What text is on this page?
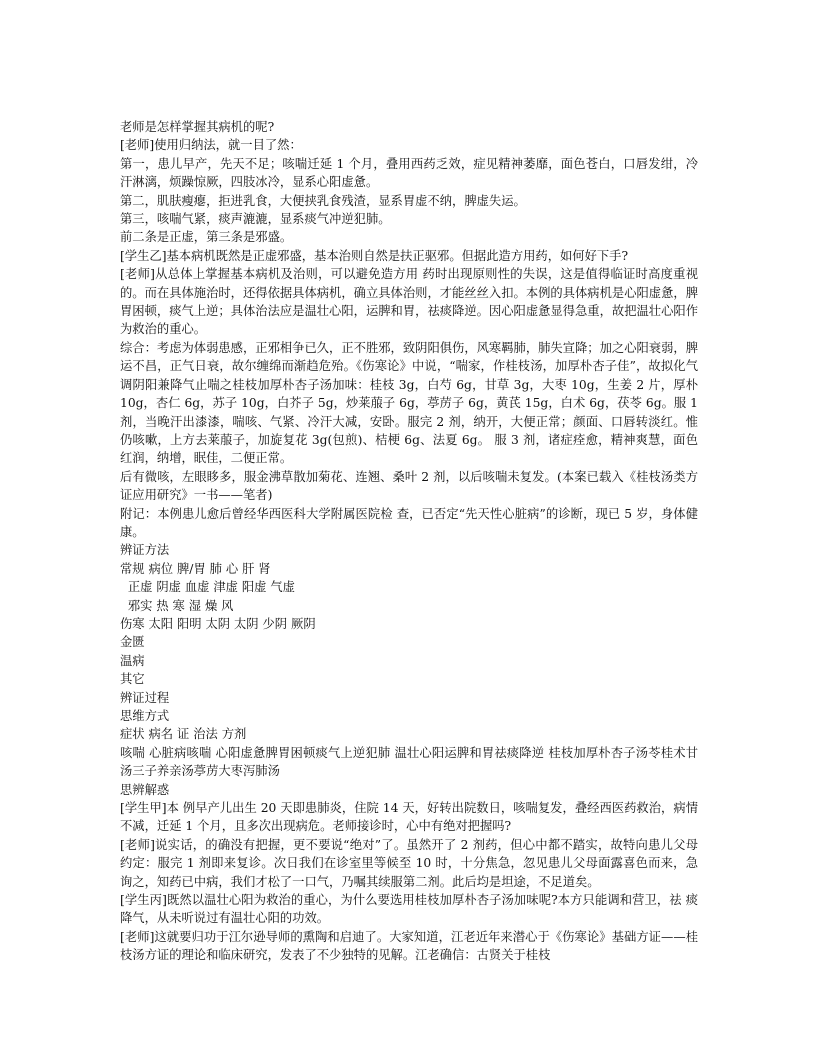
老师是怎样掌握其病机的呢?

[老师]使用归纳法，就一目了然：

第一，患儿早产，先天不足；咳喘迁延 1 个月，叠用西药乏效，症见精神萎靡，面色苍白，口唇发绀，冷汗淋漓，烦躁惊厥，四肢冰冷，显系心阳虚惫。

第二，肌肤瘦瘪，拒进乳食，大便挟乳食残渣，显系胃虚不纳，脾虚失运。

第三，咳喘气紧，痰声漉漉，显系痰气冲逆犯肺。

前二条是正虚，第三条是邪盛。

[学生乙]基本病机既然是正虚邪盛，基本治则自然是扶正驱邪。但据此造方用药，如何好下手?

[老师]从总体上掌握基本病机及治则，可以避免造方用 药时出现原则性的失误，这是值得临证时高度重视的。而在具体施治时，还得依据具体病机，确立具体治则，才能丝丝入扣。本例的具体病机是心阳虚惫，脾胃困顿，痰气上逆；具体治法应是温壮心阳，运脾和胃，祛痰降逆。因心阳虚惫显得急重，故把温壮心阳作为救治的重心。

综合：考虑为体弱患感，正邪相争已久，正不胜邪，致阴阳俱伤，风寒羁肺，肺失宣降；加之心阳衰弱，脾运不昌，正气日衰，故尔缠绵而渐趋危殆。《伤寒论》中说，“喘家，作桂枝汤，加厚朴杏子佳”，故拟化气调阴阳兼降气止喘之桂枝加厚朴杏子汤加味：桂枝 3g，白芍 6g，甘草 3g，大枣 10g，生姜 2 片，厚朴 10g，杏仁 6g，苏子 10g，白芥子 5g，炒莱菔子 6g，葶苈子 6g，黄芪 15g，白术 6g，茯苓 6g。服 1 剂，当晚汗出漆漆，喘咳、气紧、冷汗大减，安卧。服完 2 剂，纳开，大便正常；颜面、口唇转淡红。惟仍咳嗽，上方去莱菔子，加旋复花 3g(包煎)、桔梗 6g、法夏 6g。 服 3 剂，诸症痊愈，精神爽慧，面色红润，纳增，眠佳，二便正常。

后有微咳，左眼眵多，服金沸草散加菊花、连翘、桑叶 2 剂，以后咳喘未复发。(本案已载入《桂枝汤类方证应用研究》一书——笔者)

附记：本例患儿愈后曾经华西医科大学附属医院检 查，已否定“先天性心脏病”的诊断，现已 5 岁，身体健康。

辨证方法

常规 病位 脾/胃 肺 心 肝 肾

正虚 阴虚 血虚 津虚 阳虚 气虚

邪实 热 寒 湿 燥 风

伤寒 太阳 阳明 太阴 太阴 少阴 厥阴

金匮

温病

其它

辨证过程

思维方式

症状 病名 证 治法 方剂

咳喘 心脏病咳喘 心阳虚惫脾胃困顿痰气上逆犯肺 温壮心阳运脾和胃祛痰降逆 桂枝加厚朴杏子汤苓桂术甘汤三子养亲汤葶苈大枣泻肺汤

思辨解惑

[学生甲]本 例早产儿出生 20 天即患肺炎，住院 14 天，好转出院数日，咳喘复发，叠经西医药救治，病情不减，迁延 1 个月，且多次出现病危。老师接诊时，心中有绝对把握吗?

[老师]说实话，的确没有把握，更不要说“绝对”了。虽然开了 2 剂药，但心中都不踏实，故特向患儿父母约定：服完 1 剂即来复诊。次日我们在诊室里等候至 10 时，十分焦急，忽见患儿父母面露喜色而来，急询之，知药已中病，我们才松了一口气，乃嘱其续服第二剂。此后均是坦途，不足道矣。

[学生丙]既然以温壮心阳为救治的重心，为什么要选用桂枝加厚朴杏子汤加味呢?本方只能调和营卫，祛 痰降气，从未听说过有温壮心阳的功效。

[老师]这就要归功于江尔逊导师的熏陶和启迪了。大家知道，江老近年来潜心于《伤寒论》基础方证——桂枝汤方证的理论和临床研究，发表了不少独特的见解。江老确信：古贤关于桂枝
